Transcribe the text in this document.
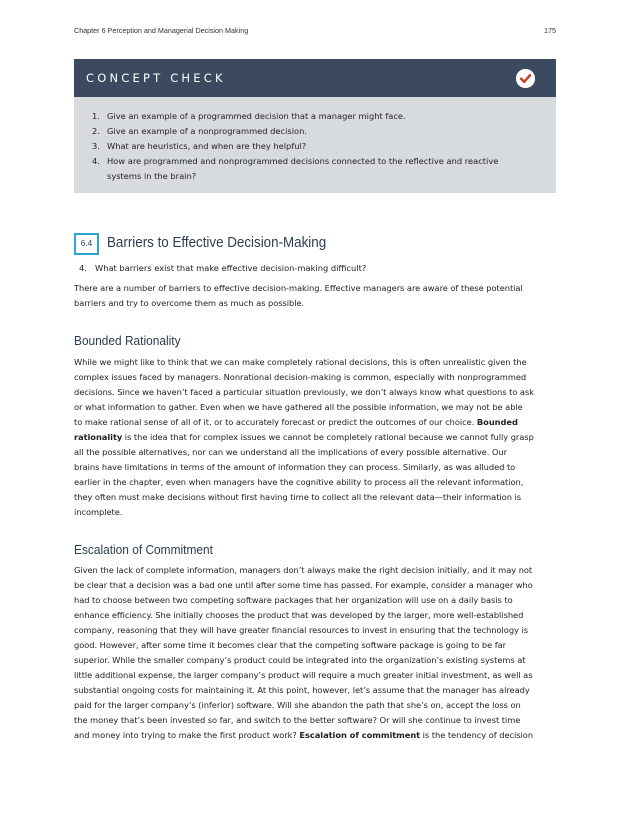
Chapter 6 Perception and Managerial Decision Making	175
CONCEPT CHECK
1. Give an example of a programmed decision that a manager might face.
2. Give an example of a nonprogrammed decision.
3. What are heuristics, and when are they helpful?
4. How are programmed and nonprogrammed decisions connected to the reflective and reactive
systems in the brain?
6.4	Barriers to Effective Decision-Making
4. What barriers exist that make effective decision-making difficult?
There are a number of barriers to effective decision-making. Effective managers are aware of these potential
barriers and try to overcome them as much as possible.
Bounded Rationality
While we might like to think that we can make completely rational decisions, this is often unrealistic given the
complex issues faced by managers. Nonrational decision-making is common, especially with nonprogrammed
decisions. Since we haven’t faced a particular situation previously, we don’t always know what questions to ask
or what information to gather. Even when we have gathered all the possible information, we may not be able
to make rational sense of all of it, or to accurately forecast or predict the outcomes of our choice. Bounded
rationality is the idea that for complex issues we cannot be completely rational because we cannot fully grasp
all the possible alternatives, nor can we understand all the implications of every possible alternative. Our
brains have limitations in terms of the amount of information they can process. Similarly, as was alluded to
earlier in the chapter, even when managers have the cognitive ability to process all the relevant information,
they often must make decisions without first having time to collect all the relevant data—their information is
incomplete.
Escalation of Commitment
Given the lack of complete information, managers don’t always make the right decision initially, and it may not
be clear that a decision was a bad one until after some time has passed. For example, consider a manager who
had to choose between two competing software packages that her organization will use on a daily basis to
enhance efficiency. She initially chooses the product that was developed by the larger, more well-established
company, reasoning that they will have greater financial resources to invest in ensuring that the technology is
good. However, after some time it becomes clear that the competing software package is going to be far
superior. While the smaller company’s product could be integrated into the organization’s existing systems at
little additional expense, the larger company’s product will require a much greater initial investment, as well as
substantial ongoing costs for maintaining it. At this point, however, let’s assume that the manager has already
paid for the larger company’s (inferior) software. Will she abandon the path that she’s on, accept the loss on
the money that’s been invested so far, and switch to the better software? Or will she continue to invest time
and money into trying to make the first product work? Escalation of commitment is the tendency of decision
